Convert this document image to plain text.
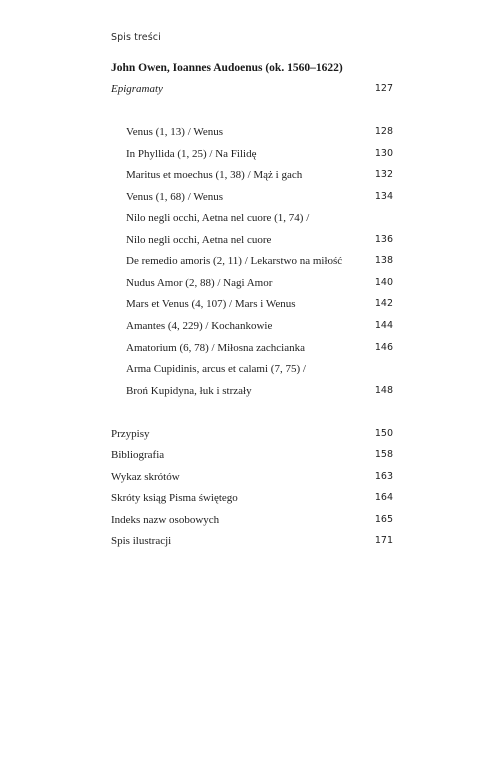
Spis treści
John Owen, Ioannes Audoenus (ok. 1560–1622)
Epigramaty	127
Venus (1, 13) / Wenus	128
In Phyllida (1, 25) / Na Filidę	130
Maritus et moechus (1, 38) / Mąż i gach	132
Venus (1, 68) / Wenus	134
Nilo negli occhi, Aetna nel cuore (1, 74) /
Nilo negli occhi, Aetna nel cuore	136
De remedio amoris (2, 11) / Lekarstwo na miłość	138
Nudus Amor (2, 88) / Nagi Amor	140
Mars et Venus (4, 107) / Mars i Wenus	142
Amantes (4, 229) / Kochankowie	144
Amatorium (6, 78) / Miłosna zachcianka	146
Arma Cupidinis, arcus et calami (7, 75) /
Broń Kupidyna, łuk i strzały	148
Przypisy	150
Bibliografia	158
Wykaz skrótów	163
Skróty ksiąg Pisma świętego	164
Indeks nazw osobowych	165
Spis ilustracji	171
